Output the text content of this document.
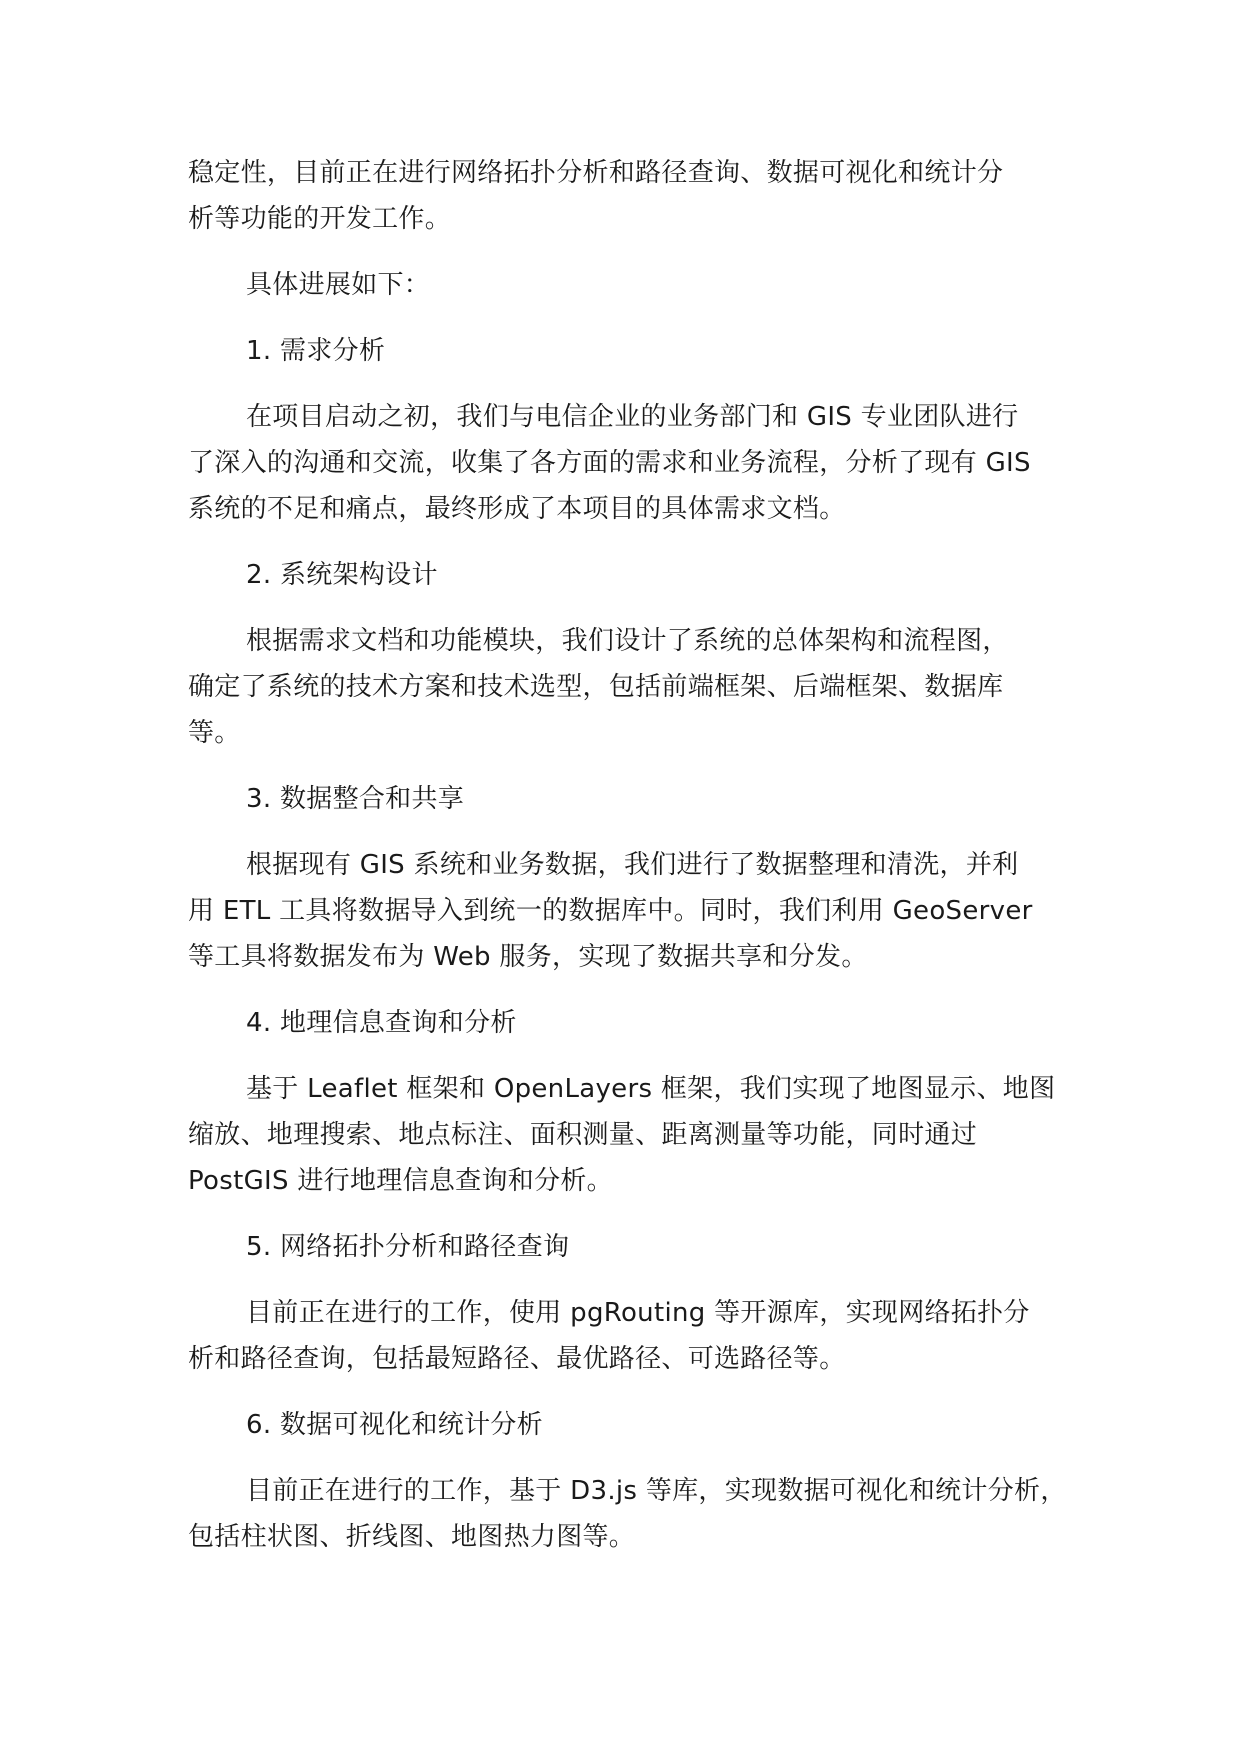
稳定性，目前正在进行网络拓扑分析和路径查询、数据可视化和统计分
析等功能的开发工作。

具体进展如下：

1. 需求分析

在项目启动之初，我们与电信企业的业务部门和 GIS 专业团队进行
了深入的沟通和交流，收集了各方面的需求和业务流程，分析了现有 GIS
系统的不足和痛点，最终形成了本项目的具体需求文档。

2. 系统架构设计

根据需求文档和功能模块，我们设计了系统的总体架构和流程图，
确定了系统的技术方案和技术选型，包括前端框架、后端框架、数据库
等。

3. 数据整合和共享

根据现有 GIS 系统和业务数据，我们进行了数据整理和清洗，并利
用 ETL 工具将数据导入到统一的数据库中。同时，我们利用 GeoServer
等工具将数据发布为 Web 服务，实现了数据共享和分发。

4. 地理信息查询和分析

基于 Leaflet 框架和 OpenLayers 框架，我们实现了地图显示、地图
缩放、地理搜索、地点标注、面积测量、距离测量等功能，同时通过
PostGIS 进行地理信息查询和分析。

5. 网络拓扑分析和路径查询

目前正在进行的工作，使用 pgRouting 等开源库，实现网络拓扑分
析和路径查询，包括最短路径、最优路径、可选路径等。

6. 数据可视化和统计分析

目前正在进行的工作，基于 D3.js 等库，实现数据可视化和统计分析，
包括柱状图、折线图、地图热力图等。
